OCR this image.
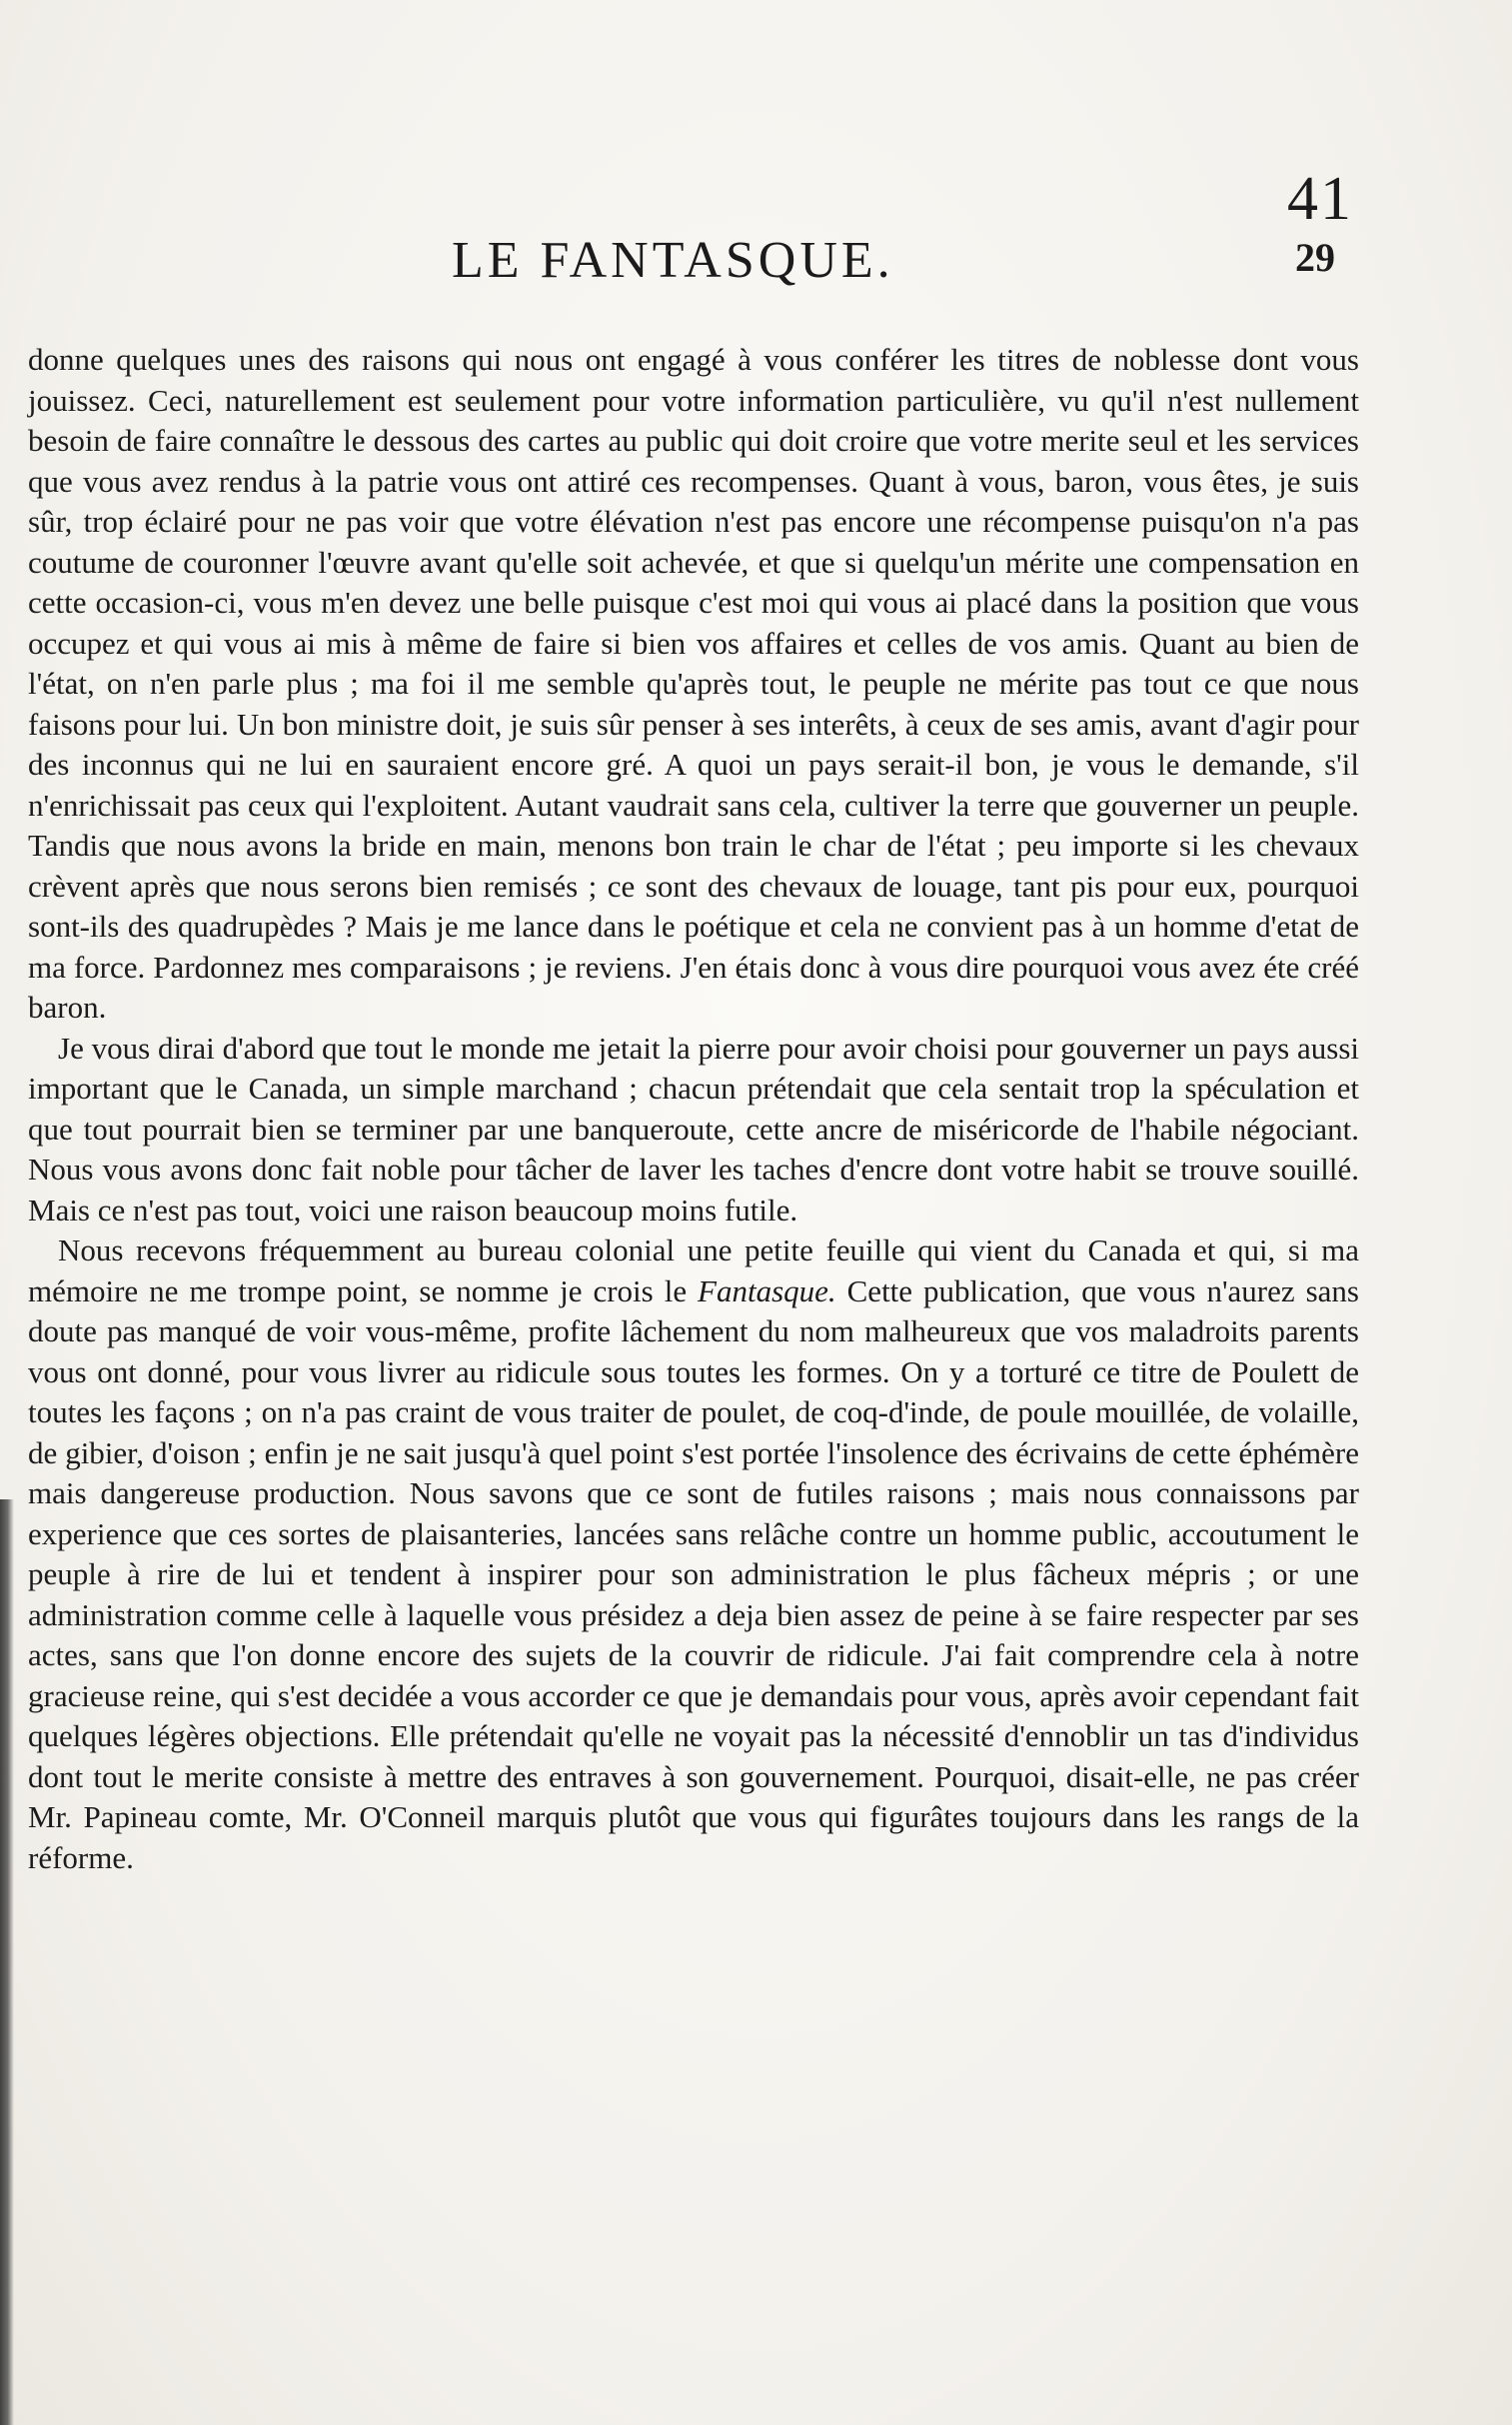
41
29
LE FANTASQUE.

donne quelques unes des raisons qui nous ont engagé à vous conférer les titres de noblesse dont vous jouissez. Ceci, naturellement est seulement pour votre information particulière, vu qu'il n'est nullement besoin de faire connaître le dessous des cartes au public qui doit croire que votre merite seul et les services que vous avez rendus à la patrie vous ont attiré ces recompenses. Quant à vous, baron, vous êtes, je suis sûr, trop éclairé pour ne pas voir que votre élévation n'est pas encore une récompense puisqu'on n'a pas coutume de couronner l'œuvre avant qu'elle soit achevée, et que si quelqu'un mérite une compensation en cette occasion-ci, vous m'en devez une belle puisque c'est moi qui vous ai placé dans la position que vous occupez et qui vous ai mis à même de faire si bien vos affaires et celles de vos amis. Quant au bien de l'état, on n'en parle plus ; ma foi il me semble qu'après tout, le peuple ne mérite pas tout ce que nous faisons pour lui. Un bon ministre doit, je suis sûr penser à ses interêts, à ceux de ses amis, avant d'agir pour des inconnus qui ne lui en sauraient encore gré. A quoi un pays serait-il bon, je vous le demande, s'il n'enrichissait pas ceux qui l'exploitent. Autant vaudrait sans cela, cultiver la terre que gouverner un peuple. Tandis que nous avons la bride en main, menons bon train le char de l'état ; peu importe si les chevaux crèvent après que nous serons bien remisés ; ce sont des chevaux de louage, tant pis pour eux, pourquoi sont-ils des quadrupèdes ? Mais je me lance dans le poétique et cela ne convient pas à un homme d'etat de ma force. Pardonnez mes comparaisons ; je reviens. J'en étais donc à vous dire pourquoi vous avez éte créé baron.

Je vous dirai d'abord que tout le monde me jetait la pierre pour avoir choisi pour gouverner un pays aussi important que le Canada, un simple marchand ; chacun prétendait que cela sentait trop la spéculation et que tout pourrait bien se terminer par une banqueroute, cette ancre de miséricorde de l'habile négociant. Nous vous avons donc fait noble pour tâcher de laver les taches d'encre dont votre habit se trouve souillé. Mais ce n'est pas tout, voici une raison beaucoup moins futile.

Nous recevons fréquemment au bureau colonial une petite feuille qui vient du Canada et qui, si ma mémoire ne me trompe point, se nomme je crois le Fantasque. Cette publication, que vous n'aurez sans doute pas manqué de voir vous-même, profite lâchement du nom malheureux que vos maladroits parents vous ont donné, pour vous livrer au ridicule sous toutes les formes. On y a torturé ce titre de Poulett de toutes les façons ; on n'a pas craint de vous traiter de poulet, de coq-d'inde, de poule mouillée, de volaille, de gibier, d'oison ; enfin je ne sait jusqu'à quel point s'est portée l'insolence des écrivains de cette éphémère mais dangereuse production. Nous savons que ce sont de futiles raisons ; mais nous connaissons par experience que ces sortes de plaisanteries, lancées sans relâche contre un homme public, accoutument le peuple à rire de lui et tendent à inspirer pour son administration le plus fâcheux mépris ; or une administration comme celle à laquelle vous présidez a deja bien assez de peine à se faire respecter par ses actes, sans que l'on donne encore des sujets de la couvrir de ridicule. J'ai fait comprendre cela à notre gracieuse reine, qui s'est decidée a vous accorder ce que je demandais pour vous, après avoir cependant fait quelques légères objections. Elle prétendait qu'elle ne voyait pas la nécessité d'ennoblir un tas d'individus dont tout le merite consiste à mettre des entraves à son gouvernement. Pourquoi, disait-elle, ne pas créer Mr. Papineau comte, Mr. O'Conneil marquis plutôt que vous qui figurâtes toujours dans les rangs de la réforme.
